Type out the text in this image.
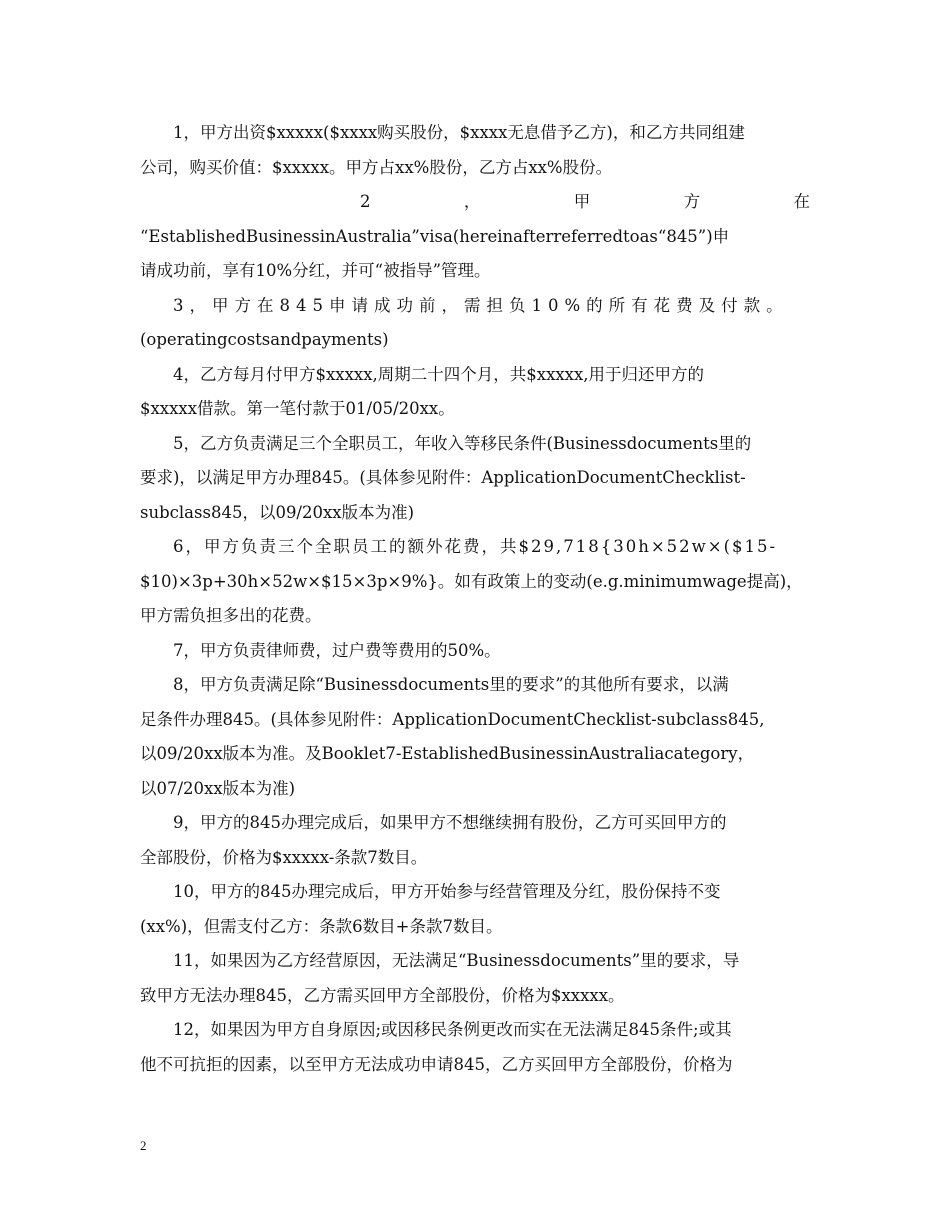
1，甲方出资$xxxxx($xxxx购买股份，$xxxx无息借予乙方)，和乙方共同组建
公司，购买价值：$xxxxx。甲方占xx%股份，乙方占xx%股份。
2	，	甲	方	在
“EstablishedBusinessinAustralia”visa(hereinafterreferredtoas“845”)申
请成功前，享有10%分红，并可“被指导”管理。
3，甲方在845申请成功前，需担负10%的所有花费及付款。
(operatingcostsandpayments)
4，乙方每月付甲方$xxxxx,周期二十四个月，共$xxxxx,用于归还甲方的
$xxxxx借款。第一笔付款于01/05/20xx。
5，乙方负责满足三个全职员工，年收入等移民条件(Businessdocuments里的
要求)，以满足甲方办理845。(具体参见附件：ApplicationDocumentChecklist-
subclass845，以09/20xx版本为准)
6，甲方负责三个全职员工的额外花费，共$29,718{30h×52w×($15-
$10)×3p+30h×52w×$15×3p×9%}。如有政策上的变动(e.g.minimumwage提高)，
甲方需负担多出的花费。
7，甲方负责律师费，过户费等费用的50%。
8，甲方负责满足除“Businessdocuments里的要求”的其他所有要求，以满
足条件办理845。(具体参见附件：ApplicationDocumentChecklist-subclass845,
以09/20xx版本为准。及Booklet7-EstablishedBusinessinAustraliacategory，
以07/20xx版本为准)
9，甲方的845办理完成后，如果甲方不想继续拥有股份，乙方可买回甲方的
全部股份，价格为$xxxxx-条款7数目。
10，甲方的845办理完成后，甲方开始参与经营管理及分红，股份保持不变
(xx%)，但需支付乙方：条款6数目+条款7数目。
11，如果因为乙方经营原因，无法满足“Businessdocuments”里的要求，导
致甲方无法办理845，乙方需买回甲方全部股份，价格为$xxxxx。
12，如果因为甲方自身原因;或因移民条例更改而实在无法满足845条件;或其
他不可抗拒的因素，以至甲方无法成功申请845，乙方买回甲方全部股份，价格为
2
